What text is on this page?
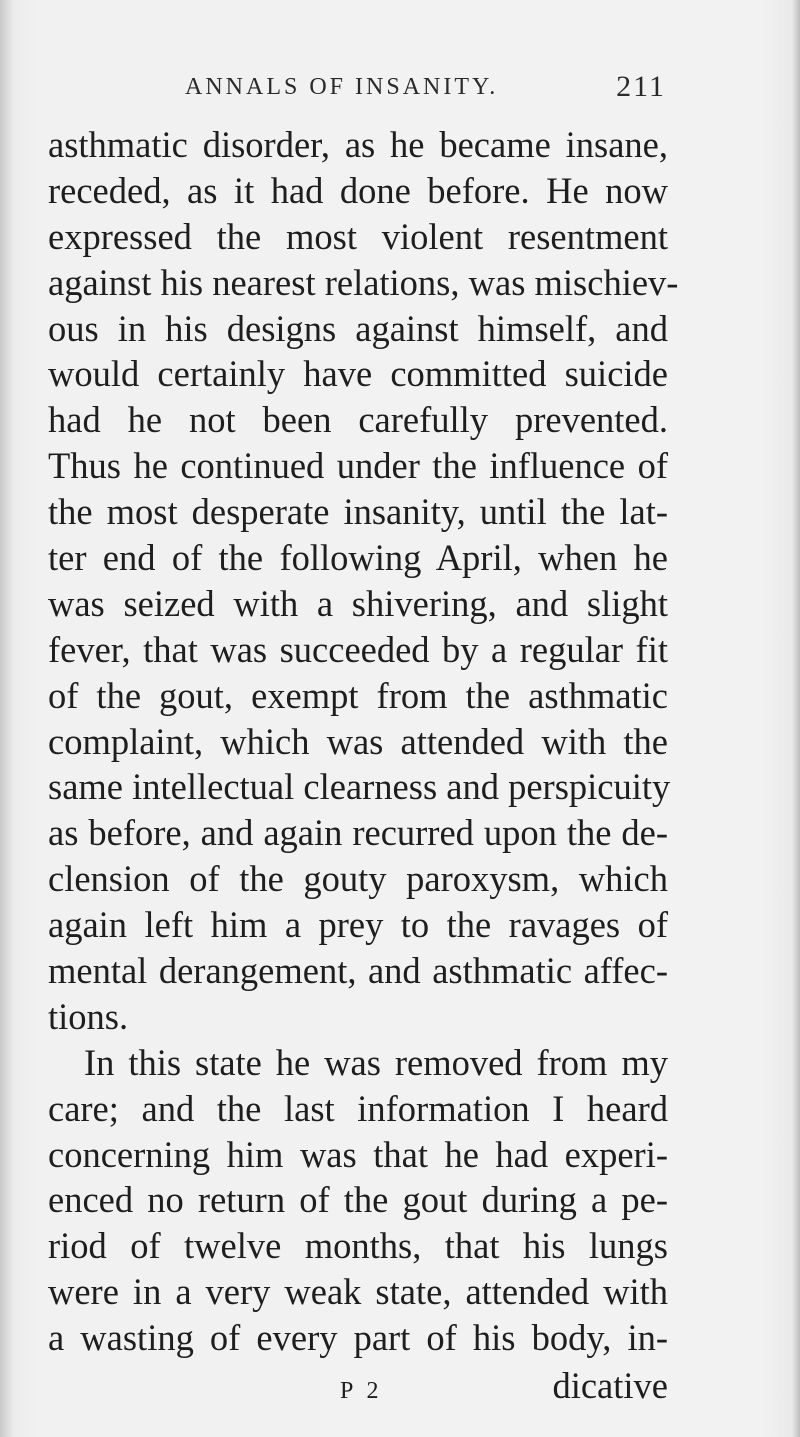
ANNALS OF INSANITY.	211
asthmatic disorder, as he became insane,
receded, as it had done before. He now
expressed the most violent resentment
against his nearest relations, was mischiev-
ous in his designs against himself, and
would certainly have committed suicide
had he not been carefully prevented.
Thus he continued under the influence of
the most desperate insanity, until the lat-
ter end of the following April, when he
was seized with a shivering, and slight
fever, that was succeeded by a regular fit
of the gout, exempt from the asthmatic
complaint, which was attended with the
same intellectual clearness and perspicuity
as before, and again recurred upon the de-
clension of the gouty paroxysm, which
again left him a prey to the ravages of
mental derangement, and asthmatic affec-
tions.
In this state he was removed from my
care; and the last information I heard
concerning him was that he had experi-
enced no return of the gout during a pe-
riod of twelve months, that his lungs
were in a very weak state, attended with
a wasting of every part of his body, in-
P 2	dicative
